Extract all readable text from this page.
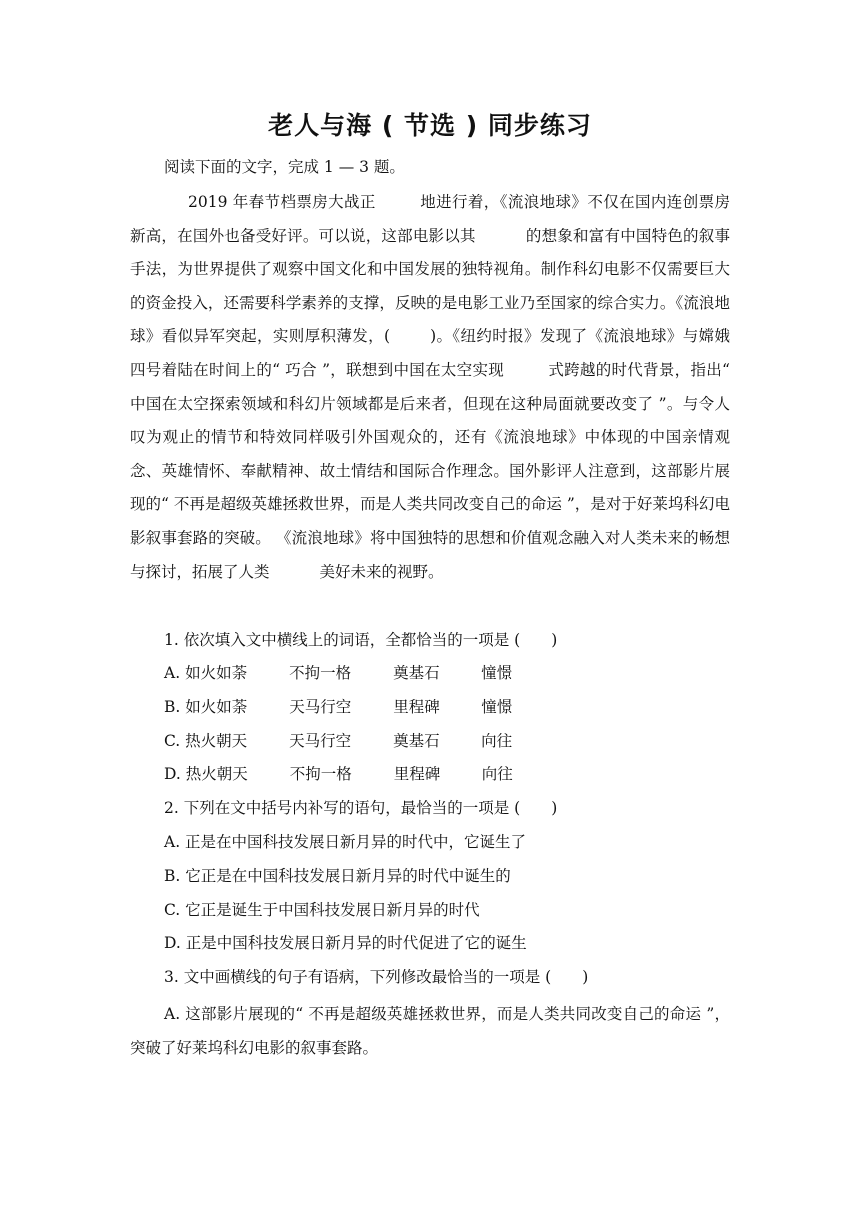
老人与海 ( 节选 ) 同步练习
阅读下面的文字，完成 1 — 3 题。
2019 年春节档票房大战正	地进行着，《流浪地球》不仅在国内连创票房新高，在国外也备受好评。可以说，这部电影以其	的想象和富有中国特色的叙事手法，为世界提供了观察中国文化和中国发展的独特视角。制作科幻电影不仅需要巨大的资金投入，还需要科学素养的支撑，反映的是电影工业乃至国家的综合实力。《流浪地球》看似异军突起，实则厚积薄发，(	)。《纽约时报》发现了《流浪地球》与嫦娥四号着陆在时间上的“ 巧合 ”，联想到中国在太空实现	式跨越的时代背景，指出“ 中国在太空探索领域和科幻片领域都是后来者，但现在这种局面就要改变了 ”。与令人叹为观止的情节和特效同样吸引外国观众的，还有《流浪地球》中体现的中国亲情观念、英雄情怀、奉献精神、故土情结和国际合作理念。国外影评人注意到，这部影片展现的“ 不再是超级英雄拯救世界，而是人类共同改变自己的命运 ”，是对于好莱坞科幻电影叙事套路的突破。 《流浪地球》将中国独特的思想和价值观念融入对人类未来的畅想与探讨，拓展了人类	美好未来的视野。
1. 依次填入文中横线上的词语，全都恰当的一项是 (　　)
A. 如火如荼	不拘一格	奠基石	憧憬
B. 如火如荼	天马行空	里程碑	憧憬
C. 热火朝天	天马行空	奠基石	向往
D. 热火朝天	不拘一格	里程碑	向往
2. 下列在文中括号内补写的语句，最恰当的一项是 (　　)
A. 正是在中国科技发展日新月异的时代中，它诞生了
B. 它正是在中国科技发展日新月异的时代中诞生的
C. 它正是诞生于中国科技发展日新月异的时代
D. 正是中国科技发展日新月异的时代促进了它的诞生
3. 文中画横线的句子有语病，下列修改最恰当的一项是 (　　)
A. 这部影片展现的“ 不再是超级英雄拯救世界，而是人类共同改变自己的命运 ”，突破了好莱坞科幻电影的叙事套路。
